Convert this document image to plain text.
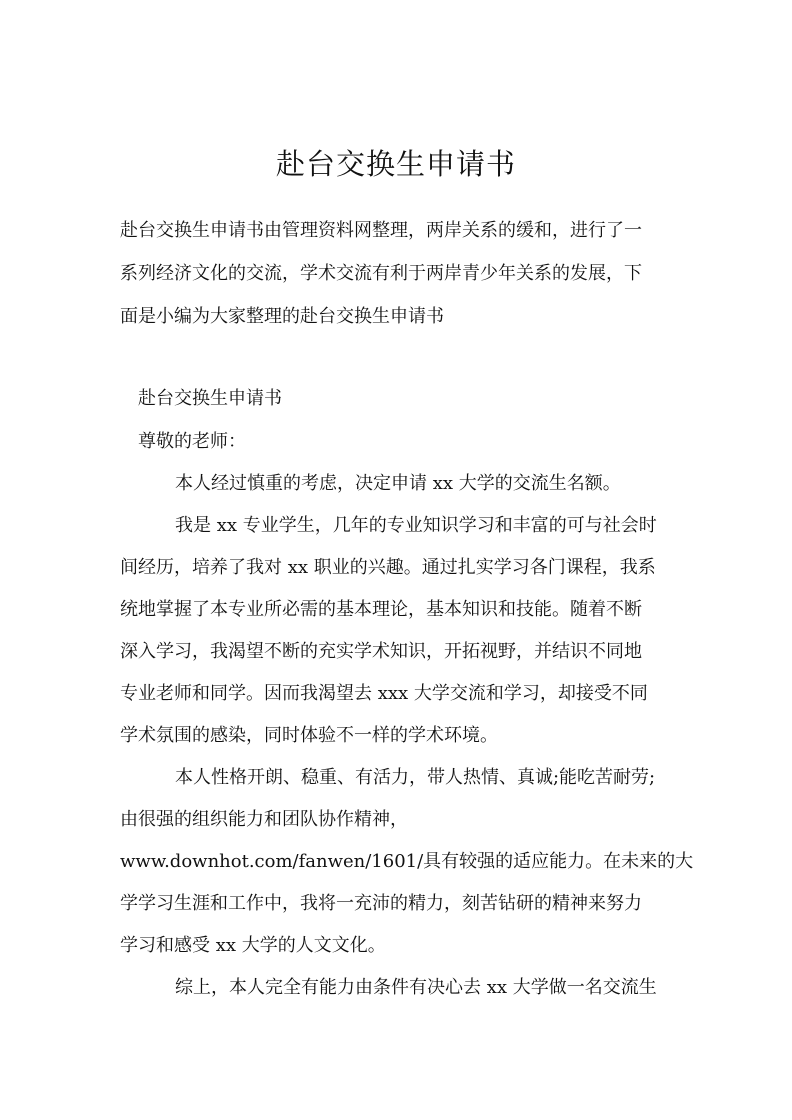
赴台交换生申请书

赴台交换生申请书由管理资料网整理，两岸关系的缓和，进行了一

系列经济文化的交流，学术交流有利于两岸青少年关系的发展，下

面是小编为大家整理的赴台交换生申请书

赴台交换生申请书

尊敬的老师：

本人经过慎重的考虑，决定申请 xx 大学的交流生名额。

我是 xx 专业学生，几年的专业知识学习和丰富的可与社会时

间经历，培养了我对 xx 职业的兴趣。通过扎实学习各门课程，我系

统地掌握了本专业所必需的基本理论，基本知识和技能。随着不断

深入学习，我渴望不断的充实学术知识，开拓视野，并结识不同地

专业老师和同学。因而我渴望去 xxx 大学交流和学习，却接受不同

学术氛围的感染，同时体验不一样的学术环境。

本人性格开朗、稳重、有活力，带人热情、真诚;能吃苦耐劳;

由很强的组织能力和团队协作精神，

www.downhot.com/fanwen/1601/具有较强的适应能力。在未来的大

学学习生涯和工作中，我将一充沛的精力，刻苦钻研的精神来努力

学习和感受 xx 大学的人文文化。

综上，本人完全有能力由条件有决心去 xx 大学做一名交流生
